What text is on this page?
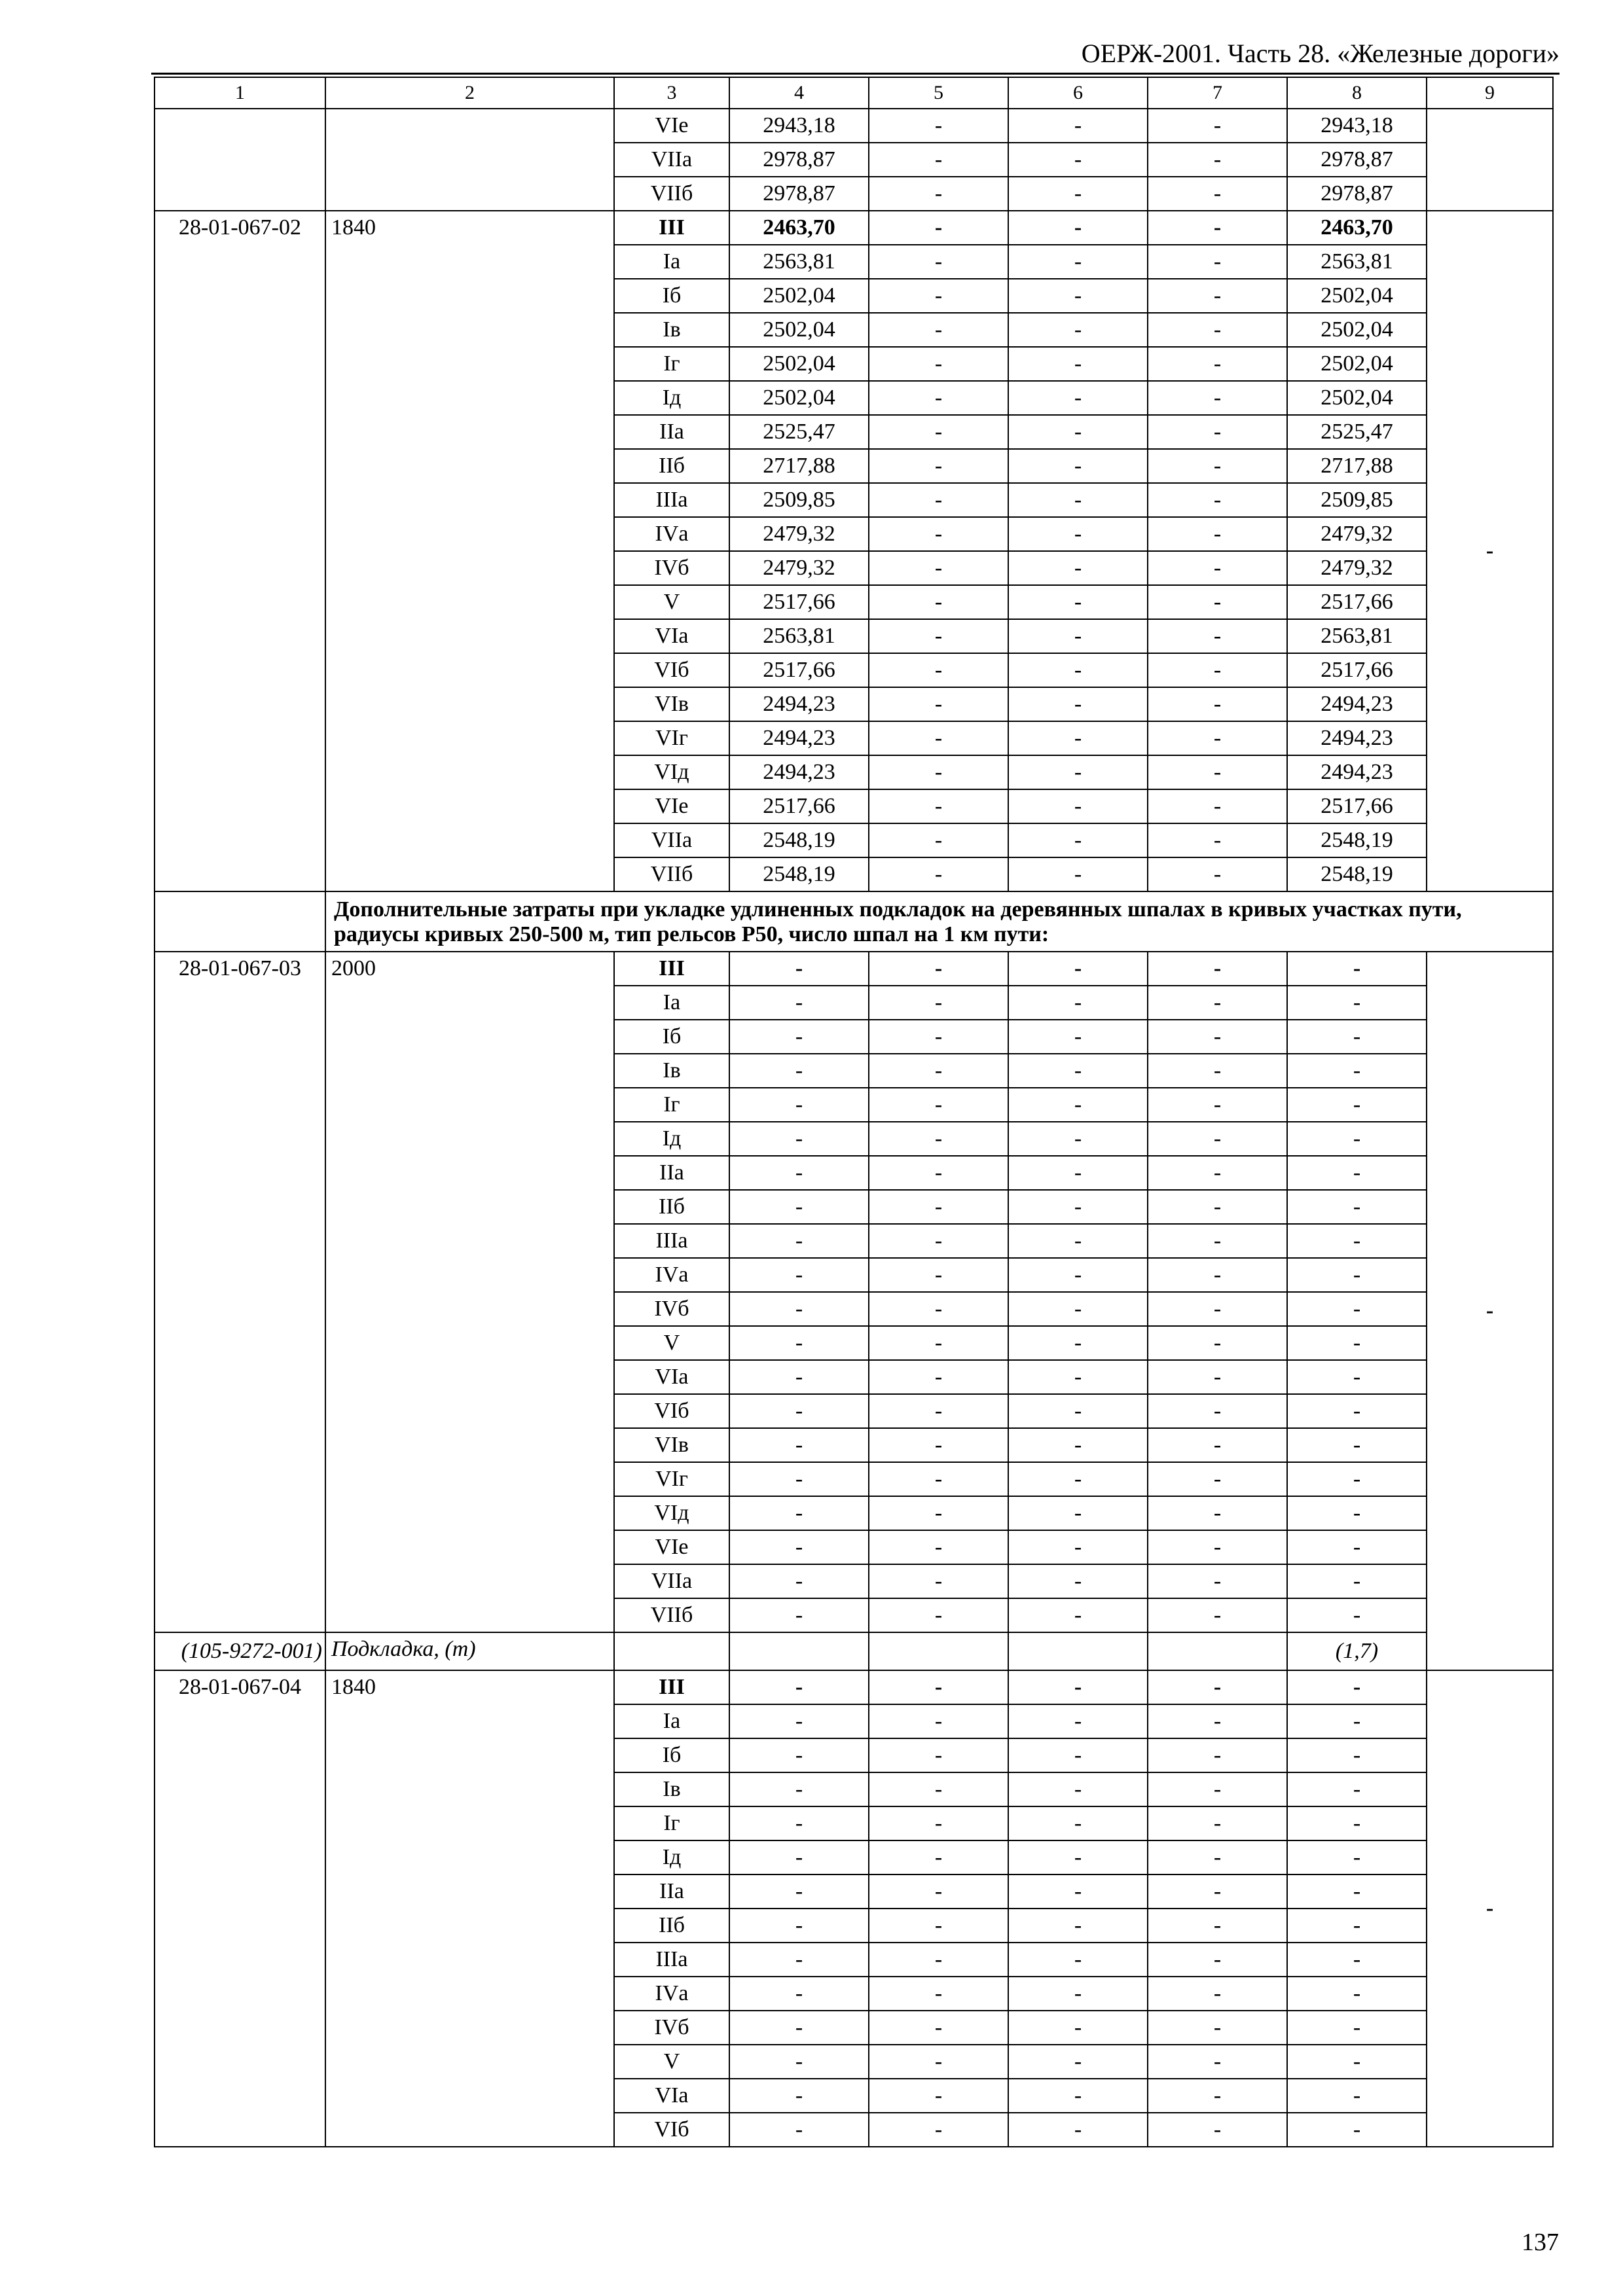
ОЕРЖ-2001. Часть 28. «Железные дороги»
1	2	3	4	5	6	7	8	9
		VIе	2943,18	-	-	-	2943,18	
		VIIа	2978,87	-	-	-	2978,87	
		VIIб	2978,87	-	-	-	2978,87	
28-01-067-02	1840	III	2463,70	-	-	-	2463,70	-
		Iа	2563,81	-	-	-	2563,81	
		Iб	2502,04	-	-	-	2502,04	
		Iв	2502,04	-	-	-	2502,04	
		Iг	2502,04	-	-	-	2502,04	
		Iд	2502,04	-	-	-	2502,04	
		IIа	2525,47	-	-	-	2525,47	
		IIб	2717,88	-	-	-	2717,88	
		IIIа	2509,85	-	-	-	2509,85	
		IVа	2479,32	-	-	-	2479,32	
		IVб	2479,32	-	-	-	2479,32	
		V	2517,66	-	-	-	2517,66	
		VIа	2563,81	-	-	-	2563,81	
		VIб	2517,66	-	-	-	2517,66	
		VIв	2494,23	-	-	-	2494,23	
		VIг	2494,23	-	-	-	2494,23	
		VIд	2494,23	-	-	-	2494,23	
		VIе	2517,66	-	-	-	2517,66	
		VIIа	2548,19	-	-	-	2548,19	
		VIIб	2548,19	-	-	-	2548,19	
	Дополнительные затраты при укладке удлиненных подкладок на деревянных шпалах в кривых участках пути, радиусы кривых 250-500 м, тип рельсов Р50, число шпал на 1 км пути:							
28-01-067-03	2000	III	-	-	-	-	-	-
		Iа	-	-	-	-	-	
		Iб	-	-	-	-	-	
		Iв	-	-	-	-	-	
		Iг	-	-	-	-	-	
		Iд	-	-	-	-	-	
		IIа	-	-	-	-	-	
		IIб	-	-	-	-	-	
		IIIа	-	-	-	-	-	
		IVа	-	-	-	-	-	
		IVб	-	-	-	-	-	
		V	-	-	-	-	-	
		VIа	-	-	-	-	-	
		VIб	-	-	-	-	-	
		VIв	-	-	-	-	-	
		VIг	-	-	-	-	-	
		VIд	-	-	-	-	-	
		VIе	-	-	-	-	-	
		VIIа	-	-	-	-	-	
		VIIб	-	-	-	-	-	
(105-9272-001)	Подкладка, (т)						(1,7)	
28-01-067-04	1840	III	-	-	-	-	-	-
		Iа	-	-	-	-	-	
		Iб	-	-	-	-	-	
		Iв	-	-	-	-	-	
		Iг	-	-	-	-	-	
		Iд	-	-	-	-	-	
		IIа	-	-	-	-	-	
		IIб	-	-	-	-	-	
		IIIа	-	-	-	-	-	
		IVа	-	-	-	-	-	
		IVб	-	-	-	-	-	
		V	-	-	-	-	-	
		VIа	-	-	-	-	-	
		VIб	-	-	-	-	-	
137
